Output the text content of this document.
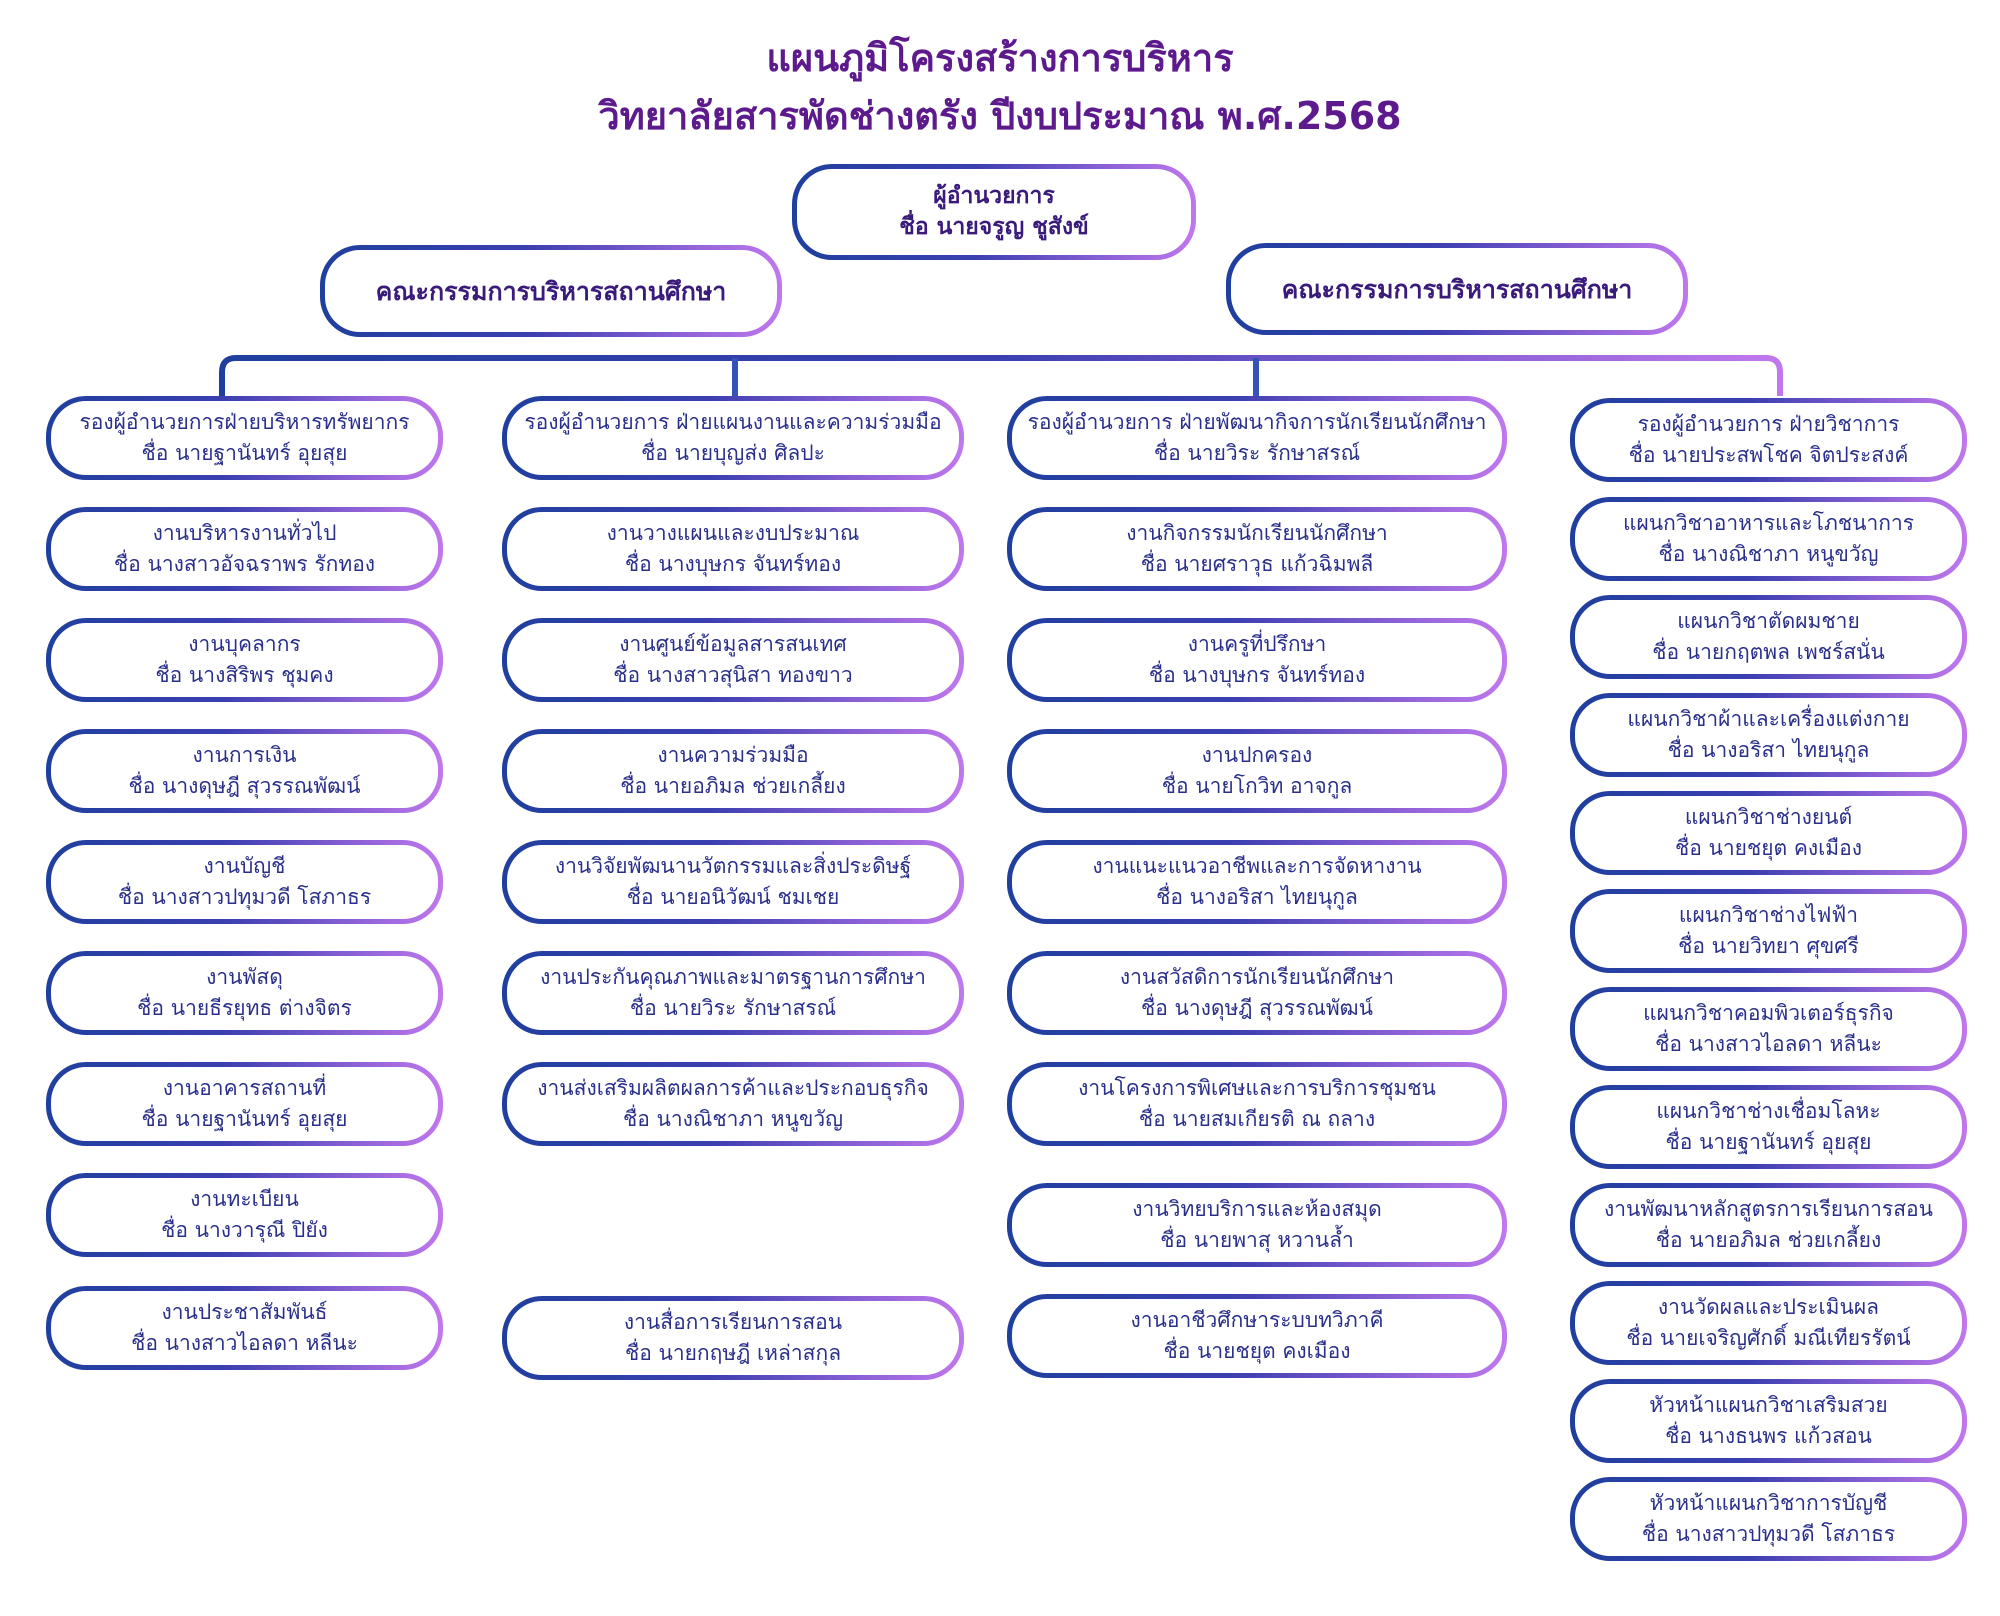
แผนภูมิโครงสร้างการบริหาร
วิทยาลัยสารพัดช่างตรัง ปีงบประมาณ พ.ศ.2568
ผู้อำนวยการ
ชื่อ นายจรูญ ชูสังข์
คณะกรรมการบริหารสถานศึกษา	คณะกรรมการบริหารสถานศึกษา
รองผู้อำนวยการฝ่ายบริหารทรัพยากร
ชื่อ นายฐานันทร์ อุยสุย
งานบริหารงานทั่วไป
ชื่อ นางสาวอัจฉราพร รักทอง
งานบุคลากร
ชื่อ นางสิริพร ชุมคง
งานการเงิน
ชื่อ นางดุษฎี สุวรรณพัฒน์
งานบัญชี
ชื่อ นางสาวปทุมวดี โสภาธร
งานพัสดุ
ชื่อ นายธีรยุทธ ต่างจิตร
งานอาคารสถานที่
ชื่อ นายฐานันทร์ อุยสุย
งานทะเบียน
ชื่อ นางวารุณี ปิยัง
งานประชาสัมพันธ์
ชื่อ นางสาวไอลดา หลีนะ
รองผู้อำนวยการ ฝ่ายแผนงานและความร่วมมือ
ชื่อ นายบุญส่ง ศิลปะ
งานวางแผนและงบประมาณ
ชื่อ นางบุษกร จันทร์ทอง
งานศูนย์ข้อมูลสารสนเทศ
ชื่อ นางสาวสุนิสา ทองขาว
งานความร่วมมือ
ชื่อ นายอภิมล ช่วยเกลี้ยง
งานวิจัยพัฒนานวัตกรรมและสิ่งประดิษฐ์
ชื่อ นายอนิวัฒน์ ชมเชย
งานประกันคุณภาพและมาตรฐานการศึกษา
ชื่อ นายวิระ รักษาสรณ์
งานส่งเสริมผลิตผลการค้าและประกอบธุรกิจ
ชื่อ นางณิชาภา หนูขวัญ
งานสื่อการเรียนการสอน
ชื่อ นายกฤษฎี เหล่าสกุล
รองผู้อำนวยการ ฝ่ายพัฒนากิจการนักเรียนนักศึกษา
ชื่อ นายวิระ รักษาสรณ์
งานกิจกรรมนักเรียนนักศึกษา
ชื่อ นายศราวุธ แก้วฉิมพลี
งานครูที่ปรึกษา
ชื่อ นางบุษกร จันทร์ทอง
งานปกครอง
ชื่อ นายโกวิท อาจกูล
งานแนะแนวอาชีพและการจัดหางาน
ชื่อ นางอริสา ไทยนุกูล
งานสวัสดิการนักเรียนนักศึกษา
ชื่อ นางดุษฎี สุวรรณพัฒน์
งานโครงการพิเศษและการบริการชุมชน
ชื่อ นายสมเกียรติ ณ ถลาง
งานวิทยบริการและห้องสมุด
ชื่อ นายพาสุ หวานล้ำ
งานอาชีวศึกษาระบบทวิภาคี
ชื่อ นายชยุต คงเมือง
รองผู้อำนวยการ ฝ่ายวิชาการ
ชื่อ นายประสพโชค จิตประสงค์
แผนกวิชาอาหารและโภชนาการ
ชื่อ นางณิชาภา หนูขวัญ
แผนกวิชาตัดผมชาย
ชื่อ นายกฤตพล เพชร์สนั่น
แผนกวิชาผ้าและเครื่องแต่งกาย
ชื่อ นางอริสา ไทยนุกูล
แผนกวิชาช่างยนต์
ชื่อ นายชยุต คงเมือง
แผนกวิชาช่างไฟฟ้า
ชื่อ นายวิทยา ศุขศรี
แผนกวิชาคอมพิวเตอร์ธุรกิจ
ชื่อ นางสาวไอลดา หลีนะ
แผนกวิชาช่างเชื่อมโลหะ
ชื่อ นายฐานันทร์ อุยสุย
งานพัฒนาหลักสูตรการเรียนการสอน
ชื่อ นายอภิมล ช่วยเกลี้ยง
งานวัดผลและประเมินผล
ชื่อ นายเจริญศักดิ์ มณีเทียรรัตน์
หัวหน้าแผนกวิชาเสริมสวย
ชื่อ นางธนพร แก้วสอน
หัวหน้าแผนกวิชาการบัญชี
ชื่อ นางสาวปทุมวดี โสภาธร
